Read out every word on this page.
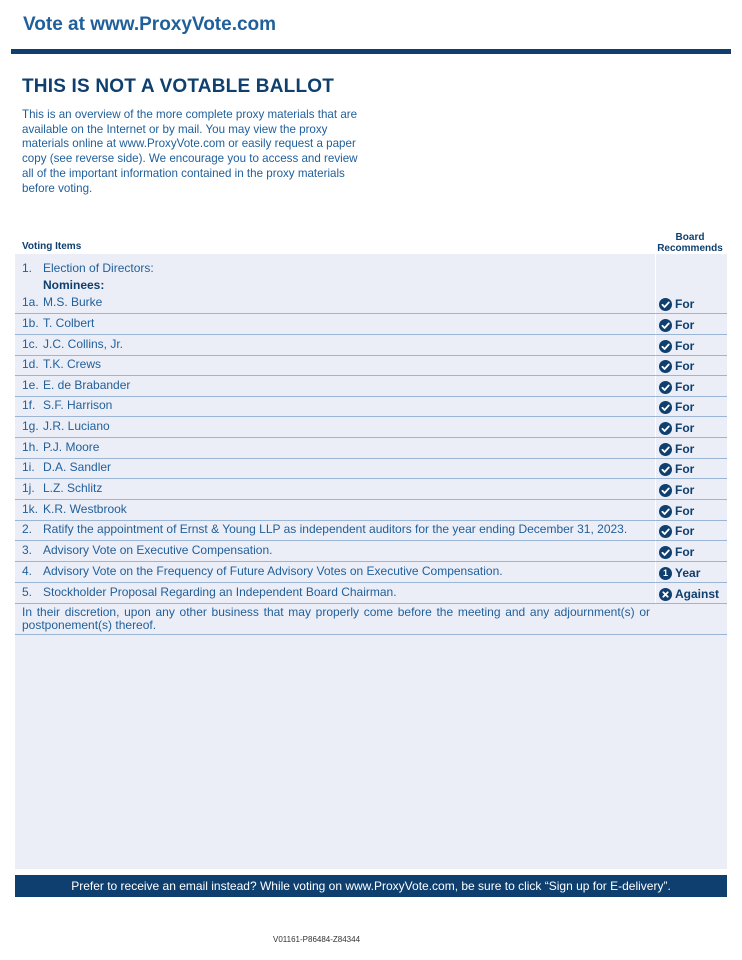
Vote at www.ProxyVote.com
THIS IS NOT A VOTABLE BALLOT
This is an overview of the more complete proxy materials that are available on the Internet or by mail. You may view the proxy materials online at www.ProxyVote.com or easily request a paper copy (see reverse side). We encourage you to access and review all of the important information contained in the proxy materials before voting.
Voting Items
Board
Recommends
1. Election of Directors:
Nominees:
1a. M.S. Burke	For
1b. T. Colbert	For
1c. J.C. Collins, Jr.	For
1d. T.K. Crews	For
1e. E. de Brabander	For
1f. S.F. Harrison	For
1g. J.R. Luciano	For
1h. P.J. Moore	For
1i. D.A. Sandler	For
1j. L.Z. Schlitz	For
1k. K.R. Westbrook	For
2. Ratify the appointment of Ernst & Young LLP as independent auditors for the year ending December 31, 2023.	For
3. Advisory Vote on Executive Compensation.	For
4. Advisory Vote on the Frequency of Future Advisory Votes on Executive Compensation.	1 Year
5. Stockholder Proposal Regarding an Independent Board Chairman.	Against
In their discretion, upon any other business that may properly come before the meeting and any adjournment(s) or postponement(s) thereof.
Prefer to receive an email instead? While voting on www.ProxyVote.com, be sure to click “Sign up for E-delivery”.
V01161-P86484-Z84344
